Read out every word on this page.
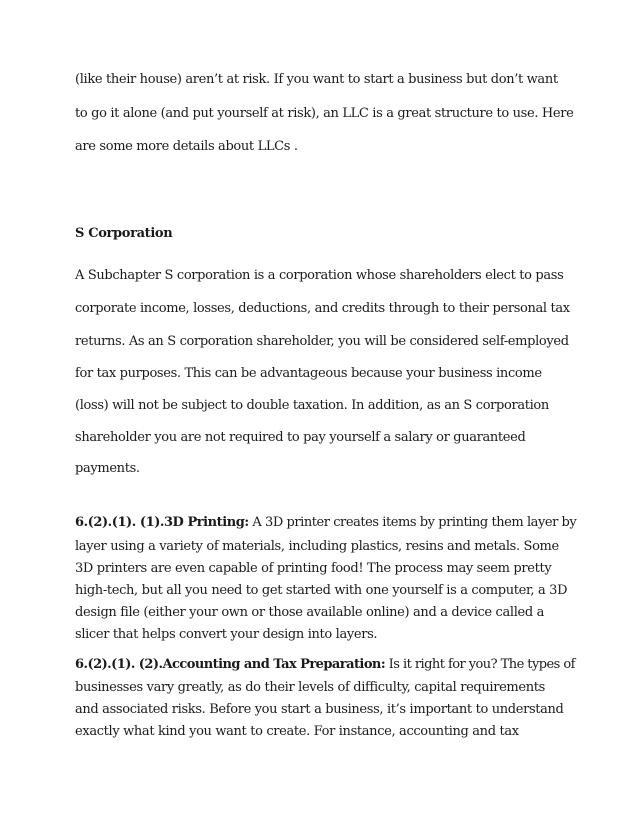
(like their house) aren’t at risk. If you want to start a business but don’t want

to go it alone (and put yourself at risk), an LLC is a great structure to use. Here

are some more details about LLCs .

S Corporation

A Subchapter S corporation is a corporation whose shareholders elect to pass

corporate income, losses, deductions, and credits through to their personal tax

returns. As an S corporation shareholder, you will be considered self-employed

for tax purposes. This can be advantageous because your business income

(loss) will not be subject to double taxation. In addition, as an S corporation

shareholder you are not required to pay yourself a salary or guaranteed

payments.

6.(2).(1). (1).3D Printing: A 3D printer creates items by printing them layer by

layer using a variety of materials, including plastics, resins and metals. Some

3D printers are even capable of printing food! The process may seem pretty

high-tech, but all you need to get started with one yourself is a computer, a 3D

design file (either your own or those available online) and a device called a

slicer that helps convert your design into layers.

6.(2).(1). (2).Accounting and Tax Preparation: Is it right for you? The types of

businesses vary greatly, as do their levels of difficulty, capital requirements

and associated risks. Before you start a business, it’s important to understand

exactly what kind you want to create. For instance, accounting and tax
